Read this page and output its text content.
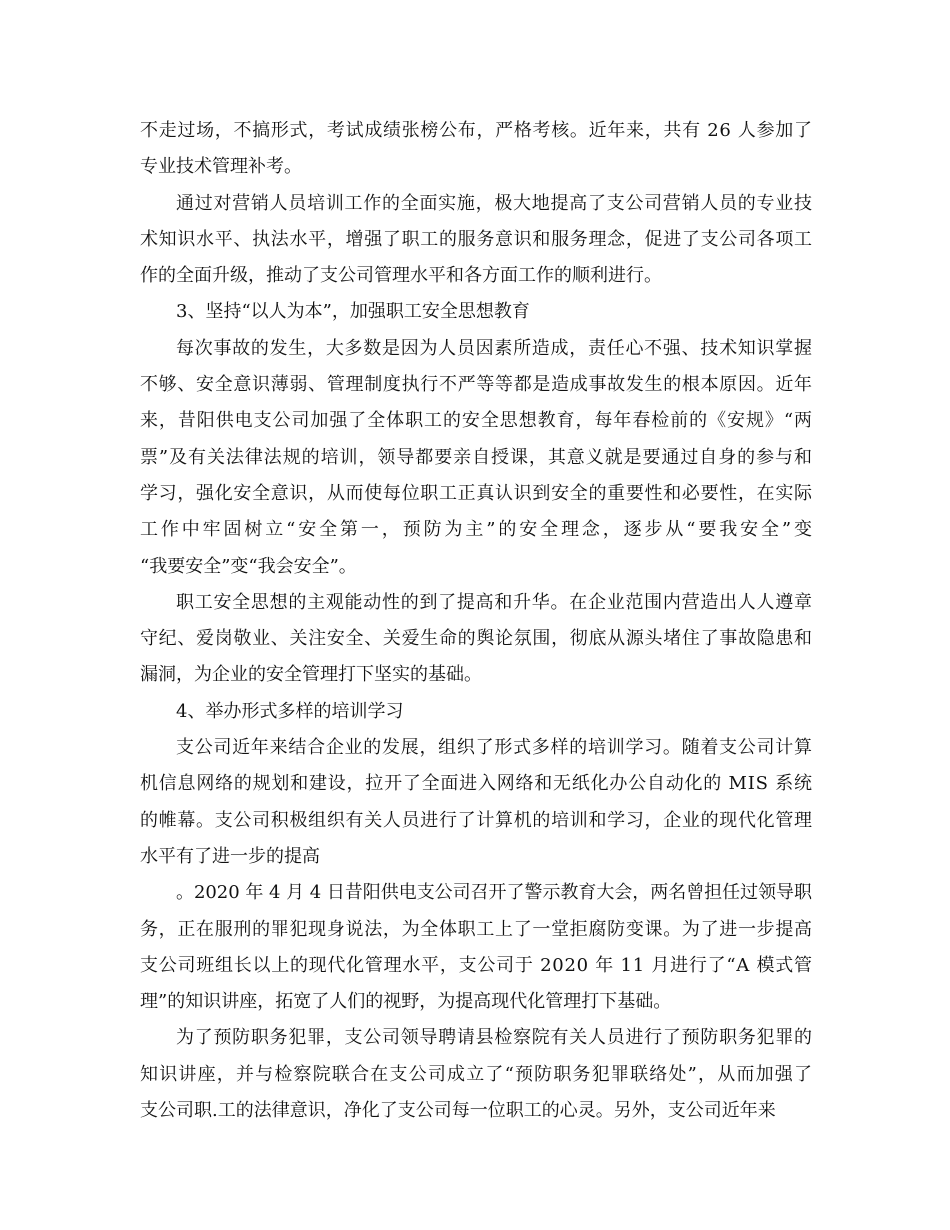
不走过场，不搞形式，考试成绩张榜公布，严格考核。近年来，共有 26 人参加了
专业技术管理补考。
通过对营销人员培训工作的全面实施，极大地提高了支公司营销人员的专业技
术知识水平、执法水平，增强了职工的服务意识和服务理念，促进了支公司各项工
作的全面升级，推动了支公司管理水平和各方面工作的顺利进行。
3、坚持“以人为本”，加强职工安全思想教育
每次事故的发生，大多数是因为人员因素所造成，责任心不强、技术知识掌握
不够、安全意识薄弱、管理制度执行不严等等都是造成事故发生的根本原因。近年
来，昔阳供电支公司加强了全体职工的安全思想教育，每年春检前的《安规》“两
票”及有关法律法规的培训，领导都要亲自授课，其意义就是要通过自身的参与和
学习，强化安全意识，从而使每位职工正真认识到安全的重要性和必要性，在实际
工作中牢固树立“安全第一，预防为主”的安全理念，逐步从“要我安全”变
“我要安全”变“我会安全”。
职工安全思想的主观能动性的到了提高和升华。在企业范围内营造出人人遵章
守纪、爱岗敬业、关注安全、关爱生命的舆论氛围，彻底从源头堵住了事故隐患和
漏洞，为企业的安全管理打下坚实的基础。
4、举办形式多样的培训学习
支公司近年来结合企业的发展，组织了形式多样的培训学习。随着支公司计算
机信息网络的规划和建设，拉开了全面进入网络和无纸化办公自动化的 MIS 系统
的帷幕。支公司积极组织有关人员进行了计算机的培训和学习，企业的现代化管理
水平有了进一步的提高
。2020 年 4 月 4 日昔阳供电支公司召开了警示教育大会，两名曾担任过领导职
务，正在服刑的罪犯现身说法，为全体职工上了一堂拒腐防变课。为了进一步提高
支公司班组长以上的现代化管理水平，支公司于 2020 年 11 月进行了“A 模式管
理”的知识讲座，拓宽了人们的视野，为提高现代化管理打下基础。
为了预防职务犯罪，支公司领导聘请县检察院有关人员进行了预防职务犯罪的
知识讲座，并与检察院联合在支公司成立了“预防职务犯罪联络处”，从而加强了
支公司职.工的法律意识，净化了支公司每一位职工的心灵。另外，支公司近年来
